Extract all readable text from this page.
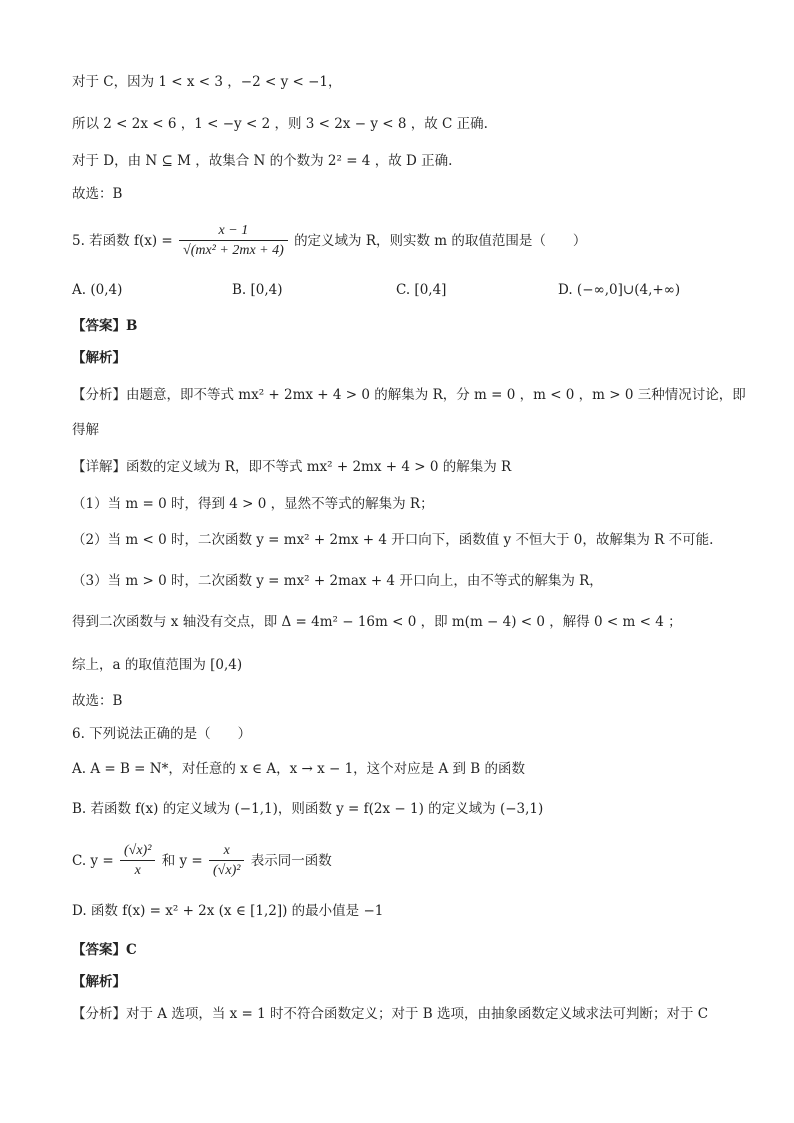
对于 C，因为 1 < x < 3 ，−2 < y < −1，
所以 2 < 2x < 6 ，1 < −y < 2 ，则 3 < 2x − y < 8 ，故 C 正确.
对于 D，由 N ⊆ M ，故集合 N 的个数为 2² = 4 ，故 D 正确.
故选：B
5. 若函数 $f(x) = \frac{x - 1}{\text{√(mx² + 2mx + 4)}}$ 的定义域为 R，则实数 m 的取值范围是（　　）
A. (0,4)	B. [0,4)	C. [0,4]	D. (−∞,0]∪(4,+∞)
【答案】B
【解析】
【分析】由题意，即不等式 mx² + 2mx + 4 > 0 的解集为 R，分 m = 0 ，m < 0 ，m > 0 三种情况讨论，即
得解
【详解】函数的定义域为 R，即不等式 mx² + 2mx + 4 > 0 的解集为 R
（1）当 m = 0 时，得到 4 > 0 ，显然不等式的解集为 R；
（2）当 m < 0 时，二次函数 y = mx² + 2mx + 4 开口向下，函数值 y 不恒大于 0，故解集为 R 不可能.
（3）当 m > 0 时，二次函数 y = mx² + 2max + 4 开口向上，由不等式的解集为 R，
得到二次函数与 x 轴没有交点，即 Δ = 4m² − 16m < 0 ，即 m(m − 4) < 0 ，解得 0 < m < 4 ；
综上，a 的取值范围为 [0,4)
故选：B
6. 下列说法正确的是（　　）
A. A = B = N*，对任意的 x ∈ A，x → x − 1，这个对应是 A 到 B 的函数
B. 若函数 f(x) 的定义域为 (−1,1)，则函数 y = f(2x − 1) 的定义域为 (−3,1)
C. $y = \frac{\text{(√x)²}}{x}$ 和 $y = \frac{x}{\text{(√x)²}}$ 表示同一函数
D. 函数 f(x) = x² + 2x (x ∈ [1,2]) 的最小值是 −1
【答案】C
【解析】
【分析】对于 A 选项，当 x = 1 时不符合函数定义；对于 B 选项，由抽象函数定义域求法可判断；对于 C
